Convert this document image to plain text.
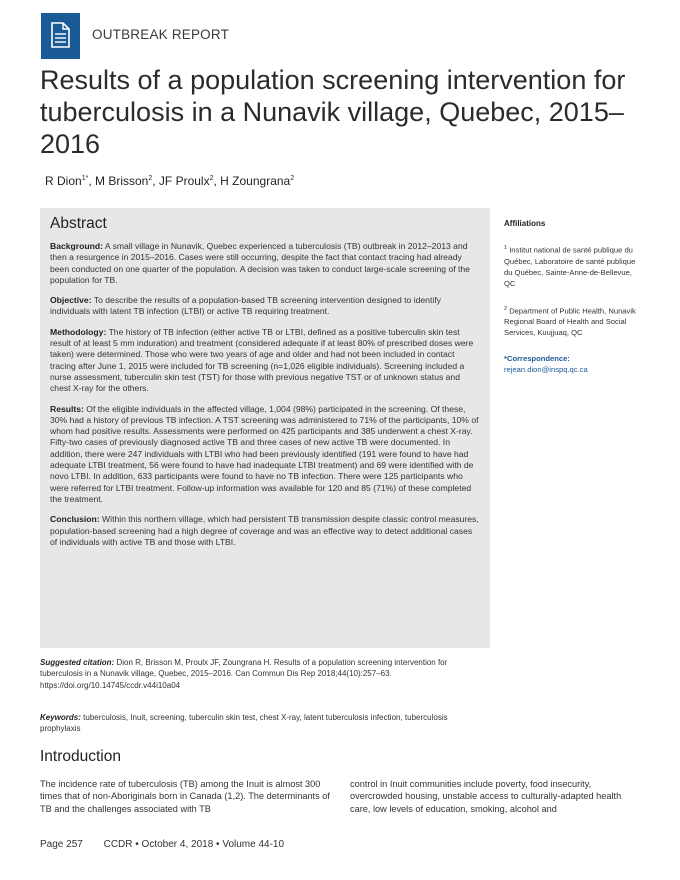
OUTBREAK REPORT
Results of a population screening intervention for tuberculosis in a Nunavik village, Quebec, 2015–2016
R Dion$^{1*}$, M Brisson$^2$, JF Proulx$^2$, H Zoungrana$^2$
Abstract

Background: A small village in Nunavik, Quebec experienced a tuberculosis (TB) outbreak in 2012–2013 and then a resurgence in 2015–2016. Cases were still occurring, despite the fact that contact tracing had already been conducted on one quarter of the population. A decision was taken to conduct large-scale screening of the population for TB.

Objective: To describe the results of a population-based TB screening intervention designed to identify individuals with latent TB infection (LTBI) or active TB requiring treatment.

Methodology: The history of TB infection (either active TB or LTBI, defined as a positive tuberculin skin test result of at least 5 mm induration) and treatment (considered adequate if at least 80% of prescribed doses were taken) were determined. Those who were two years of age and older and had not been included in contact tracing after June 1, 2015 were included for TB screening (n=1,026 eligible individuals). Screening included a nurse assessment, tuberculin skin test (TST) for those with previous negative TST or of unknown status and chest X-ray for the others.

Results: Of the eligible individuals in the affected village, 1,004 (98%) participated in the screening. Of these, 30% had a history of previous TB infection. A TST screening was administered to 71% of the participants, 10% of whom had positive results. Assessments were performed on 425 participants and 385 underwent a chest X-ray. Fifty-two cases of previously diagnosed active TB and three cases of new active TB were documented. In addition, there were 247 individuals with LTBI who had been previously identified (191 were found to have had adequate LTBI treatment, 56 were found to have had inadequate LTBI treatment) and 69 were identified with de novo LTBI. In addition, 633 participants were found to have no TB infection. There were 125 participants who were referred for LTBI treatment. Follow-up information was available for 120 and 85 (71%) of these completed the treatment.

Conclusion: Within this northern village, which had persistent TB transmission despite classic control measures, population-based screening had a high degree of coverage and was an effective way to detect additional cases of individuals with active TB and those with LTBI.

Affiliations

$^1$ Institut national de santé publique du Québec, Laboratoire de santé publique du Québec, Sainte-Anne-de-Bellevue, QC

$^2$ Department of Public Health, Nunavik Regional Board of Health and Social Services, Kuujjuaq, QC

*Correspondence: rejean.dion@inspq.qc.ca

Suggested citation: Dion R, Brisson M, Proulx JF, Zoungrana H. Results of a population screening intervention for tuberculosis in a Nunavik village, Quebec, 2015–2016. Can Commun Dis Rep 2018;44(10):257–63. https://doi.org/10.14745/ccdr.v44i10a04
Keywords: tuberculosis, Inuit, screening, tuberculin skin test, chest X-ray, latent tuberculosis infection, tuberculosis prophylaxis
Introduction
The incidence rate of tuberculosis (TB) among the Inuit is almost 300 times that of non-Aboriginals born in Canada (1,2). The determinants of TB and the challenges associated with TB
control in Inuit communities include poverty, food insecurity, overcrowded housing, unstable access to culturally-adapted health care, low levels of education, smoking, alcohol and
Page 257 CCDR • October 4, 2018 • Volume 44-10
